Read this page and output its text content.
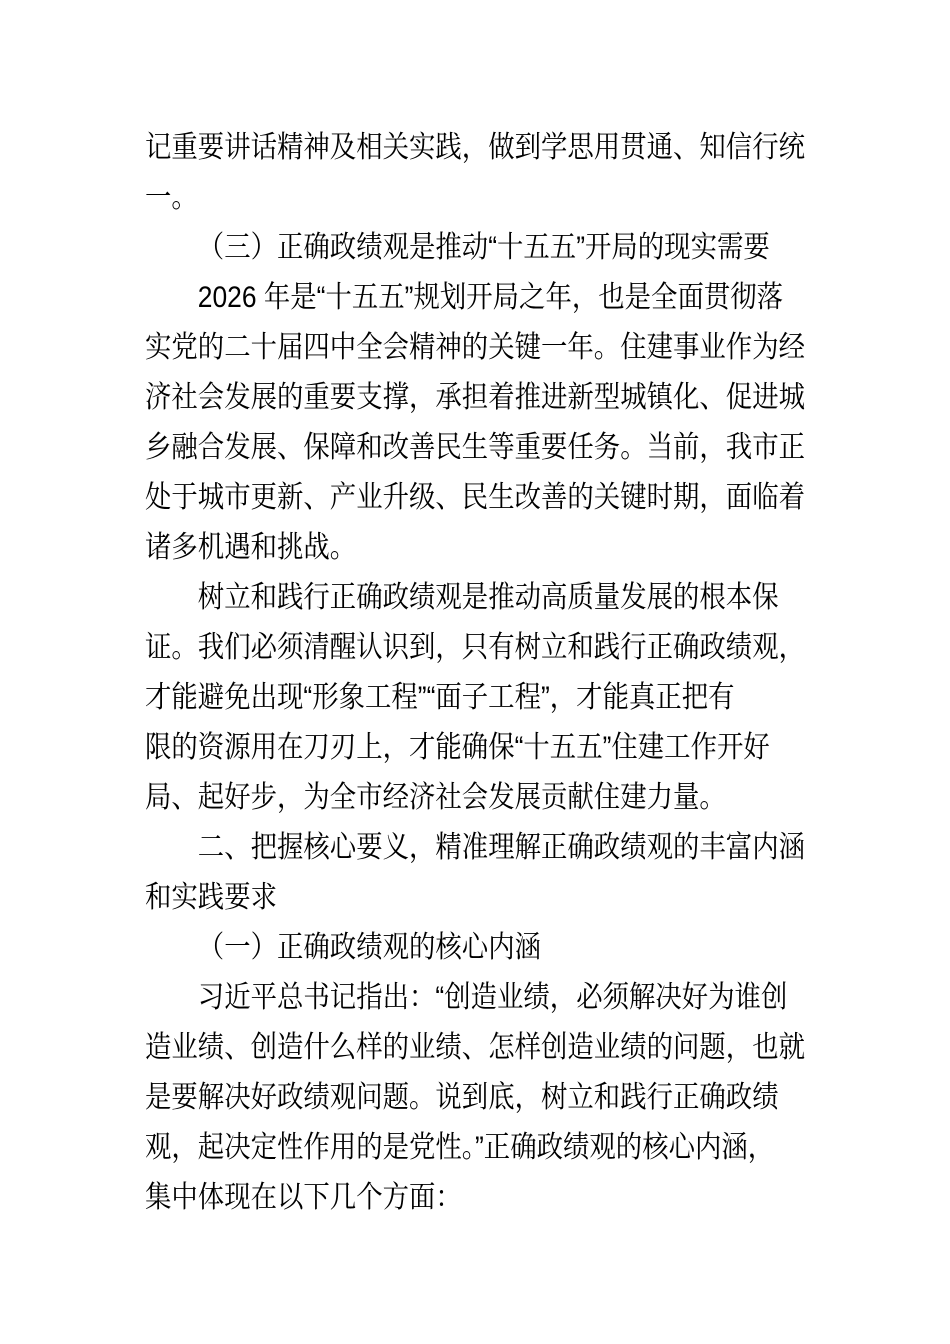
记重要讲话精神及相关实践，做到学思用贯通、知信行统
一。
（三）正确政绩观是推动“十五五”开局的现实需要
2026 年是“十五五”规划开局之年，也是全面贯彻落
实党的二十届四中全会精神的关键一年。住建事业作为经
济社会发展的重要支撑，承担着推进新型城镇化、促进城
乡融合发展、保障和改善民生等重要任务。当前，我市正
处于城市更新、产业升级、民生改善的关键时期，面临着
诸多机遇和挑战。
树立和践行正确政绩观是推动高质量发展的根本保
证。我们必须清醒认识到，只有树立和践行正确政绩观，
才能避免出现“形象工程”“面子工程”，才能真正把有
限的资源用在刀刃上，才能确保“十五五”住建工作开好
局、起好步，为全市经济社会发展贡献住建力量。
二、把握核心要义，精准理解正确政绩观的丰富内涵
和实践要求
（一）正确政绩观的核心内涵
习近平总书记指出：“创造业绩，必须解决好为谁创
造业绩、创造什么样的业绩、怎样创造业绩的问题，也就
是要解决好政绩观问题。说到底，树立和践行正确政绩
观，起决定性作用的是党性。”正确政绩观的核心内涵，
集中体现在以下几个方面：
